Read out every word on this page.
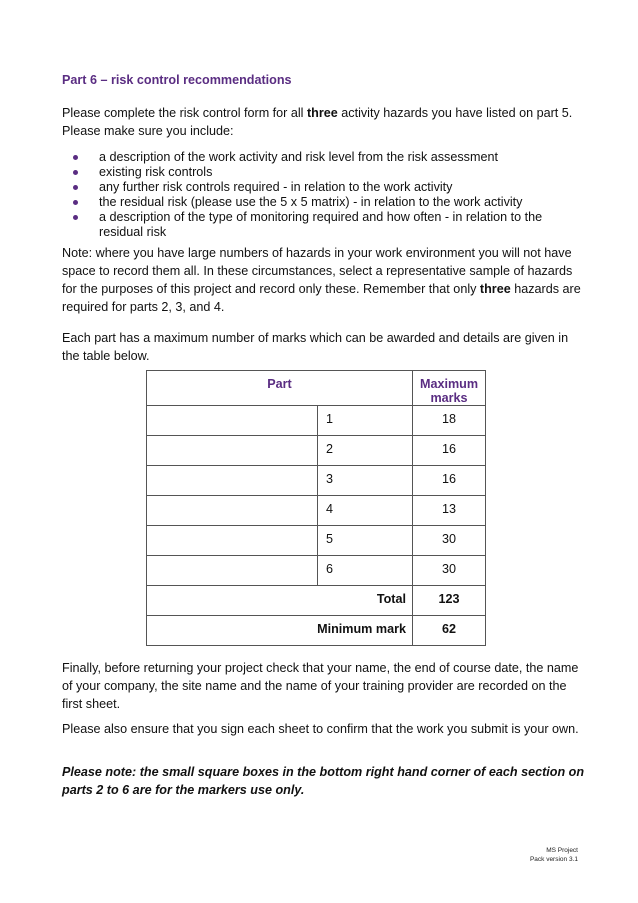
Part 6 – risk control recommendations
Please complete the risk control form for all three activity hazards you have listed on part 5. Please make sure you include:
a description of the work activity and risk level from the risk assessment
existing risk controls
any further risk controls required - in relation to the work activity
the residual risk (please use the 5 x 5 matrix) - in relation to the work activity
a description of the type of monitoring required and how often - in relation to the residual risk
Note: where you have large numbers of hazards in your work environment you will not have space to record them all. In these circumstances, select a representative sample of hazards for the purposes of this project and record only these. Remember that only three hazards are required for parts 2, 3, and 4.
Each part has a maximum number of marks which can be awarded and details are given in the table below.
Part		Maximum marks
	1	18
	2	16
	3	16
	4	13
	5	30
	6	30
Total		123
Minimum mark		62
Finally, before returning your project check that your name, the end of course date, the name of your company, the site name and the name of your training provider are recorded on the first sheet.
Please also ensure that you sign each sheet to confirm that the work you submit is your own.
Please note: the small square boxes in the bottom right hand corner of each section on parts 2 to 6 are for the markers use only.
MS Project
Pack version 3.1
